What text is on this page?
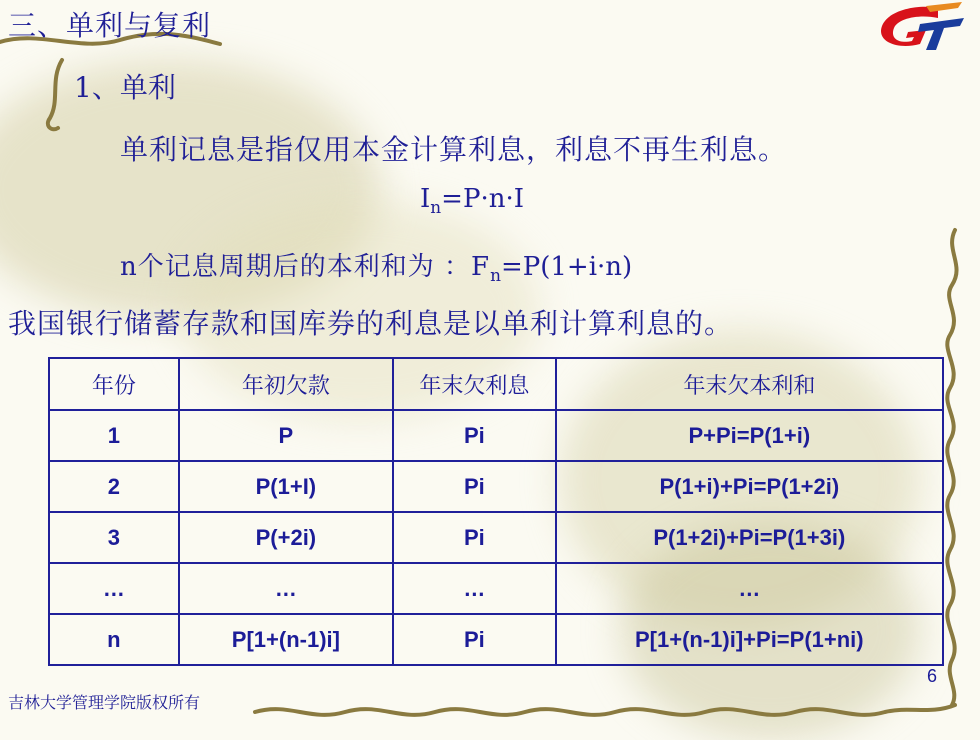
三、单利与复利
1、单利
单利记息是指仅用本金计算利息，利息不再生利息。
$I_n=P\cdot n\cdot I$
n个记息周期后的本利和为 ：$F_n=P(1+i\cdot n)$
我国银行储蓄存款和国库券的利息是以单利计算利息的。
年份	年初欠款	年末欠利息	年末欠本利和
1	P	Pi	P+Pi=P(1+i)
2	P(1+I)	Pi	P(1+i)+Pi=P(1+2i)
3	P(+2i)	Pi	P(1+2i)+Pi=P(1+3i)
…	…	…	…
n	P[1+(n-1)i]	Pi	P[1+(n-1)i]+Pi=P(1+ni)
6
吉林大学管理学院版权所有
